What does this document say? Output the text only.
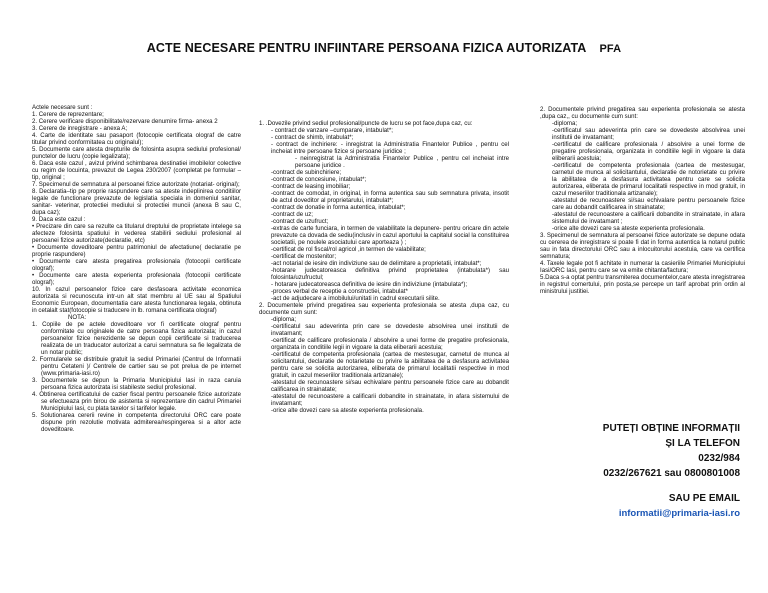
ACTE NECESARE PENTRU INFIINTARE PERSOANA FIZICA AUTORIZATA PFA

Actele necesare sunt :

1. Cerere de reprezentare;

2. Cerere verificare disponibilitate/rezervare denumire firma- anexa 2

3. Cerere de inregistrare - anexa A;

4. Carte de identitate sau pasaport (fotocopie certificata olograf de catre titular privind conformitatea cu originalul);

5. Documente care atesta drepturile de folosinta asupra sediului profesional/ punctelor de lucru (copie legalizata);

6. Daca este cazul , avizul privind schimbarea destinatiei imobilelor colective cu regim de locuinta, prevazut de Legea 230/2007 (completat pe formular –tip, original ;

7. Specimenul de semnatura al persoanei fizice autorizate (notariat- original);

8. Declaratia–tip pe proprie raspundere care sa ateste indeplinirea conditiilor legale de functionare prevazute de legislatia speciala in domeniul sanitar, sanitar- veterinar, protectiei mediului si protectiei muncii (anexa B sau C, dupa caz);

9. Daca este cazul :

• Precizare din care sa rezulte ca titularul dreptului de proprietate intelege sa afecteze folosinta spatiului in vederea stabilirii sediului profesional al persoanei fizice autorizate(declaratie, etc)

• Documente doveditoare pentru patrimoniul de afectatiune( declaratie pe proprie raspundere)

• Documente care atesta pregatirea profesionala (fotocopii certificate olograf);

• Documente care atesta experienta profesionala (fotocopii certificate olograf);

10. In cazul persoanelor fizice care desfasoara activitate economica autorizata si recunoscuta intr-un alt stat membru al UE sau al Spatiului Economic European, documentatia care atesta functionarea legala, obtinuta in cetalalt stat(fotocopie si traducere in lb. romana certificata olograf)

NOTA:

1. Copiile de pe actele doveditoare vor fi certificate olograf pentru conformitate cu originalele de catre persoana fizica autorizata; in cazul persoanelor fizice nerezidente se depun copii certificate si traducerea realizata de un traducator autorizat a carui semnatura sa fie legalizata de un notar public;

2. Formularele se distribuie gratuit la sediul Primariei (Centrul de Informatii pentru Cetateni )/ Centrele de cartier sau se pot prelua de pe internet (www.primaria-iasi.ro)

3. Documentele se depun la Primaria Municipiului Iasi in raza caruia persoana fizica autorizata isi stabileste sediul profesional.

4. Obtinerea certificatului de cazier fiscal pentru persoanele fizice autorizate se efectueaza prin birou de asistenta si reprezentare din cadrul Primariei Municipiului Iasi, cu plata taxelor si tarifelor legale.

5. Solutionarea cererii revine in competenta directorului ORC care poate dispune prin rezolutie motivata admiterea/respingerea si a altor acte doveditoare.

1. .Dovezile privind sediul profesional/puncte de lucru se pot face,dupa caz, cu:

- contract de vanzare –cumparare, intabulat*;

- contract de shimb, intabulat*;

- contract de inchiriere: - inregistrat la Administratia Finantelor Publice , pentru cel incheiat intre persoane fizice si persoane juridice ;

- neinregistrat la Administratia Finantelor Publice , pentru cel incheiat intre persoane juridice .

-contract de subinchiriere;

-contract de concesiune, intabulat*;

-contract de leasing imobiliar;

-contract de comodat, in original, in forma autentica sau sub semnatura privata, insotit de actul doveditor al proprietarului, intabulat*;

-contract de donatie in forma autentica, intabulat*;

-contract de uz;

-contract de uzufruct;

-extras de carte funciara, in termen de valabilitate la depunere- pentru oricare din actele prevazute ca dovada de sediu(inclusiv in cazul aportului la capitalul social la constituirea societatii, pe noulele asociatului care aporteaza ) ;

-certificat de rol fiscal/rol agricol ,in termen de valabilitate;

-certificat de mostenitor;

-act notarial de iesire din indiviziune sau de delimitare a proprietatii, intabulat*;

-hotarare judecatoreasca definitiva privind proprietatea (intabulata*) sau folosinta/uzufructul;

- hotarare judecatoreasca definitiva de iesire din indiviziune (intabulata*);

-proces verbal de receptie a constructiei, intabulat*

-act de adjudecare a imobilului/unitati in cadrul executarii silite.

2. Documentele privind pregatirea sau experienta profesionala se atesta ,dupa caz, cu documente cum sunt:

-diploma;

-certificatul sau adeverinta prin care se dovedeste absolvirea unei institutii de invatamant;

-certificat de calificare profesionala / absolvire a unei forme de pregatire profesionala, organizata in conditiile legii in vigoare la data eliberarii acestuia;

-certificatul de competenta profesionala (cartea de mestesugar, carnetul de munca al solicitantului, declaratie de notarietate cu privire la abilitatea de a desfasura activitatea pentru care se solicita autorizarea, eliberata de primarul localitatii respective in mod gratuit, in cazul meseriilor traditionala artizanale);

-atestatul de recunoastere si/sau echivalare pentru persoanele fizice care au dobandit calificarea in strainatate;

-atestatul de recunoastere a calificarii dobandite in strainatate, in afara sistemului de invatamant;

-orice alte dovezi care sa ateste experienta profesionala.

2. Documentele privind pregatirea sau experienta profesionala se atesta ,dupa caz,, cu documente cum sunt:

-diploma;

-certificatul sau adeverinta prin care se dovedeste absolvirea unei institutii de invatamant;

-certificatul de calificare profesionala / absolvire a unei forme de pregatire profesionala, organizata in conditiile legii in vigoare la data eliberarii acestuia;

-certificatul de competenta profesionala (cartea de mestesugar, carnetul de munca al solicitantului, declaratie de notorietate cu privire la abilitatea de a desfasura activitatea pentru care se solicita autorizarea, eliberata de primarul localitatii respective in mod gratuit, in cazul meseriilor traditionala artizanale);

-atestatul de recunoastere si/sau echivalare pentru persoanele fizice care au dobandit calificarea in strainatate;

-atestatul de recunoastere a calificarii dobandite in strainatate, in afara sistemului de invatamant ;

-orice alte dovezi care sa ateste experienta profesionala.

3. Specimenul de semnatura al persoanei fizice autorizate se depune odata cu cererea de inregistrare si poate fi dat in forma autentica la notarul public sau in fata directorului ORC sau a inlocuitorului acestuia, care va certifica semnatura;

4. Taxele legale pot fi achitate in numerar la casieriile Primariei Municipiului Iasi/ORC Iasi, pentru care se va emite chitanta/factura;

5.Daca s-a optat pentru transmiterea documentelor,care atesta inregistrarea in registrul comertului, prin posta,se percepe un tarif aprobat prin ordin al ministrului justitiei.

PUTEȚI OBȚINE INFORMAȚII

ȘI LA TELEFON

0232/984

0232/267621 sau 0800801008

SAU PE EMAIL

informatii@primaria-iasi.ro
